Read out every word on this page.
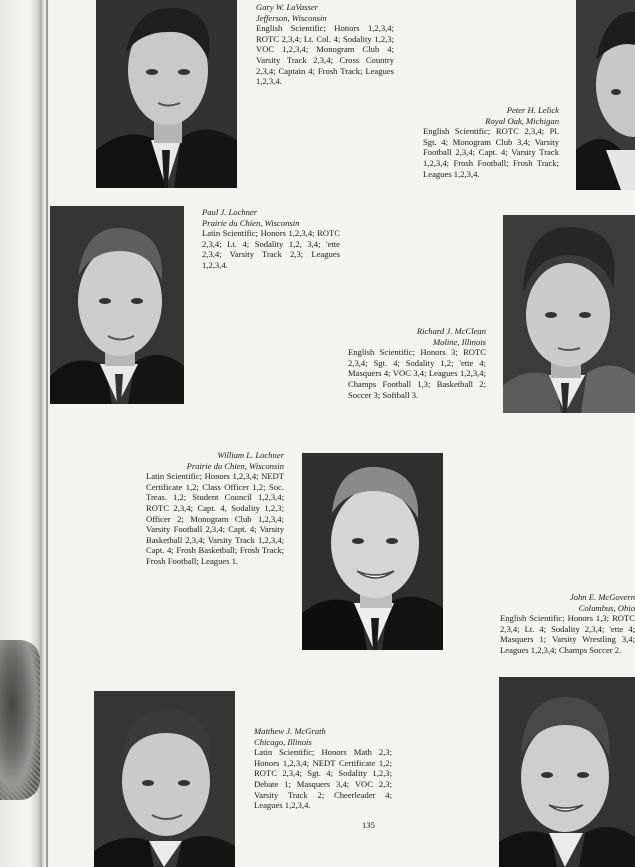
Gary W. LaVasser
Jefferson, Wisconsin
English Scientific; Honors 1,2,3,4; ROTC 2,3,4; Lt. Col. 4; Sodality 1,2,3; VOC 1,2,3,4; Monogram Club 4; Varsity Track 2,3,4; Cross Country 2,3,4; Captain 4; Frosh Track; Leagues 1,2,3,4.
Peter H. Lelick
Royal Oak, Michigan
English Scientific; ROTC 2,3,4; Pl. Sgt. 4; Monogram Club 3,4; Varsity Football 2,3,4; Capt. 4; Varsity Track 1,2,3,4; Frosh Football; Frosh Track; Leagues 1,2,3,4.
Paul J. Lochner
Prairie du Chien, Wisconsin
Latin Scientific; Honors 1,2,3,4; ROTC 2,3,4; Lt. 4; Sodality 1,2, 3,4; 'ette 2,3,4; Varsity Track 2,3; Leagues 1,2,3,4.
Richard J. McClean
Moline, Illinois
English Scientific; Honors 3; ROTC 2,3,4; Sgt. 4; Sodality 1,2; 'ette 4; Masquers 4; VOC 3,4; Leagues 1,2,3,4; Champs Football 1,3; Basketball 2; Soccer 3; Softball 3.
William L. Lochner
Prairie du Chien, Wisconsin
Latin Scientific; Honors 1,2,3,4; NEDT Certificate 1,2; Class Officer 1,2; Soc. Treas. 1,2; Student Council 1,2,3,4; ROTC 2,3,4; Capt. 4, Sodality 1,2,3; Officer 2; Monogram Club 1,2,3,4; Varsity Football 2,3,4; Capt. 4; Varsity Basketball 2,3,4; Varsity Track 1,2,3,4; Capt. 4; Frosh Basketball; Frosh Track; Frosh Football; Leagues 1.
John E. McGovern
Columbus, Ohio
English Scientific; Honors 1,3; ROTC 2,3,4; Lt. 4; Sodality 2,3,4; 'ette 4; Masquers 1; Varsity Wrestling 3,4; Leagues 1,2,3,4; Champs Soccer 2.
Matthew J. McGrath
Chicago, Illinois
Latin Scientific; Honors Math 2,3; Honors 1,2,3,4; NEDT Certificate 1,2; ROTC 2,3,4; Sgt. 4; Sodality 1,2,3; Debate 1; Masquers 3,4; VOC 2,3; Varsity Track 2; Cheerleader 4; Leagues 1,2,3,4.
135
